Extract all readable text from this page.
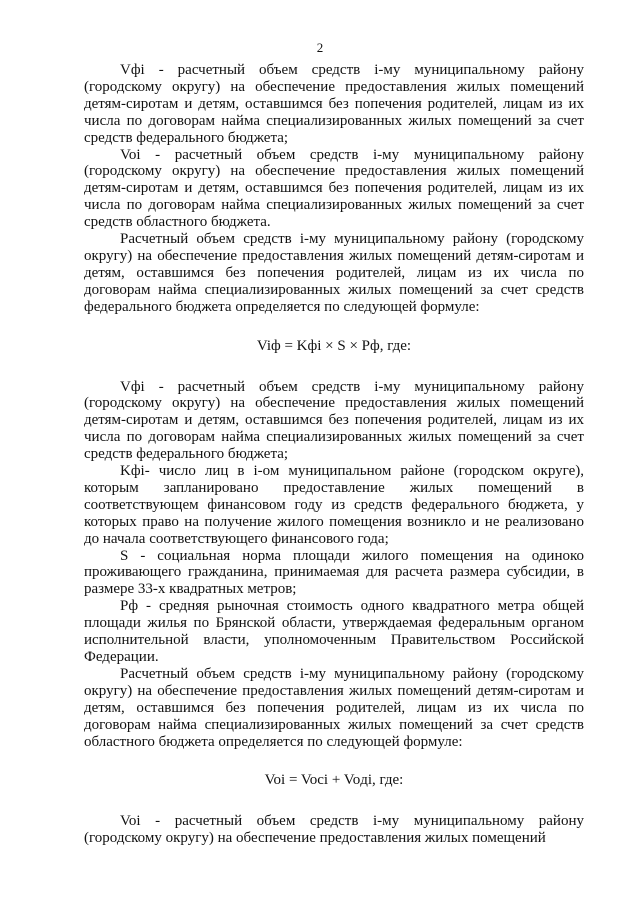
2

Vфi - расчетный объем средств i-му муниципальному району (городскому округу) на обеспечение предоставления жилых помещений детям-сиротам и детям, оставшимся без попечения родителей, лицам из их числа по договорам найма специализированных жилых помещений за счет средств федерального бюджета;

Voi - расчетный объем средств i-му муниципальному району (городскому округу) на обеспечение предоставления жилых помещений детям-сиротам и детям, оставшимся без попечения родителей, лицам из их числа по договорам найма специализированных жилых помещений за счет средств областного бюджета.

Расчетный объем средств i-му муниципальному району (городскому округу) на обеспечение предоставления жилых помещений детям-сиротам и детям, оставшимся без попечения родителей, лицам из их числа по договорам найма специализированных жилых помещений за счет средств федерального бюджета определяется по следующей формуле:

Viф = Kфi × S × Pф, где:

Vфi - расчетный объем средств i-му муниципальному району (городскому округу) на обеспечение предоставления жилых помещений детям-сиротам и детям, оставшимся без попечения родителей, лицам из их числа по договорам найма специализированных жилых помещений за счет средств федерального бюджета;

Kфi- число лиц в i-ом муниципальном районе (городском округе), которым запланировано предоставление жилых помещений в соответствующем финансовом году из средств федерального бюджета, у которых право на получение жилого помещения возникло и не реализовано до начала соответствующего финансового года;

S - социальная норма площади жилого помещения на одиноко проживающего гражданина, принимаемая для расчета размера субсидии, в размере 33-х квадратных метров;

Pф - средняя рыночная стоимость одного квадратного метра общей площади жилья по Брянской области, утверждаемая федеральным органом исполнительной власти, уполномоченным Правительством Российской Федерации.

Расчетный объем средств i-му муниципальному району (городскому округу) на обеспечение предоставления жилых помещений детям-сиротам и детям, оставшимся без попечения родителей, лицам из их числа по договорам найма специализированных жилых помещений за счет средств областного бюджета определяется по следующей формуле:

Voi = Voci + Voдi, где:

Voi - расчетный объем средств i-му муниципальному району (городскому округу) на обеспечение предоставления жилых помещений
